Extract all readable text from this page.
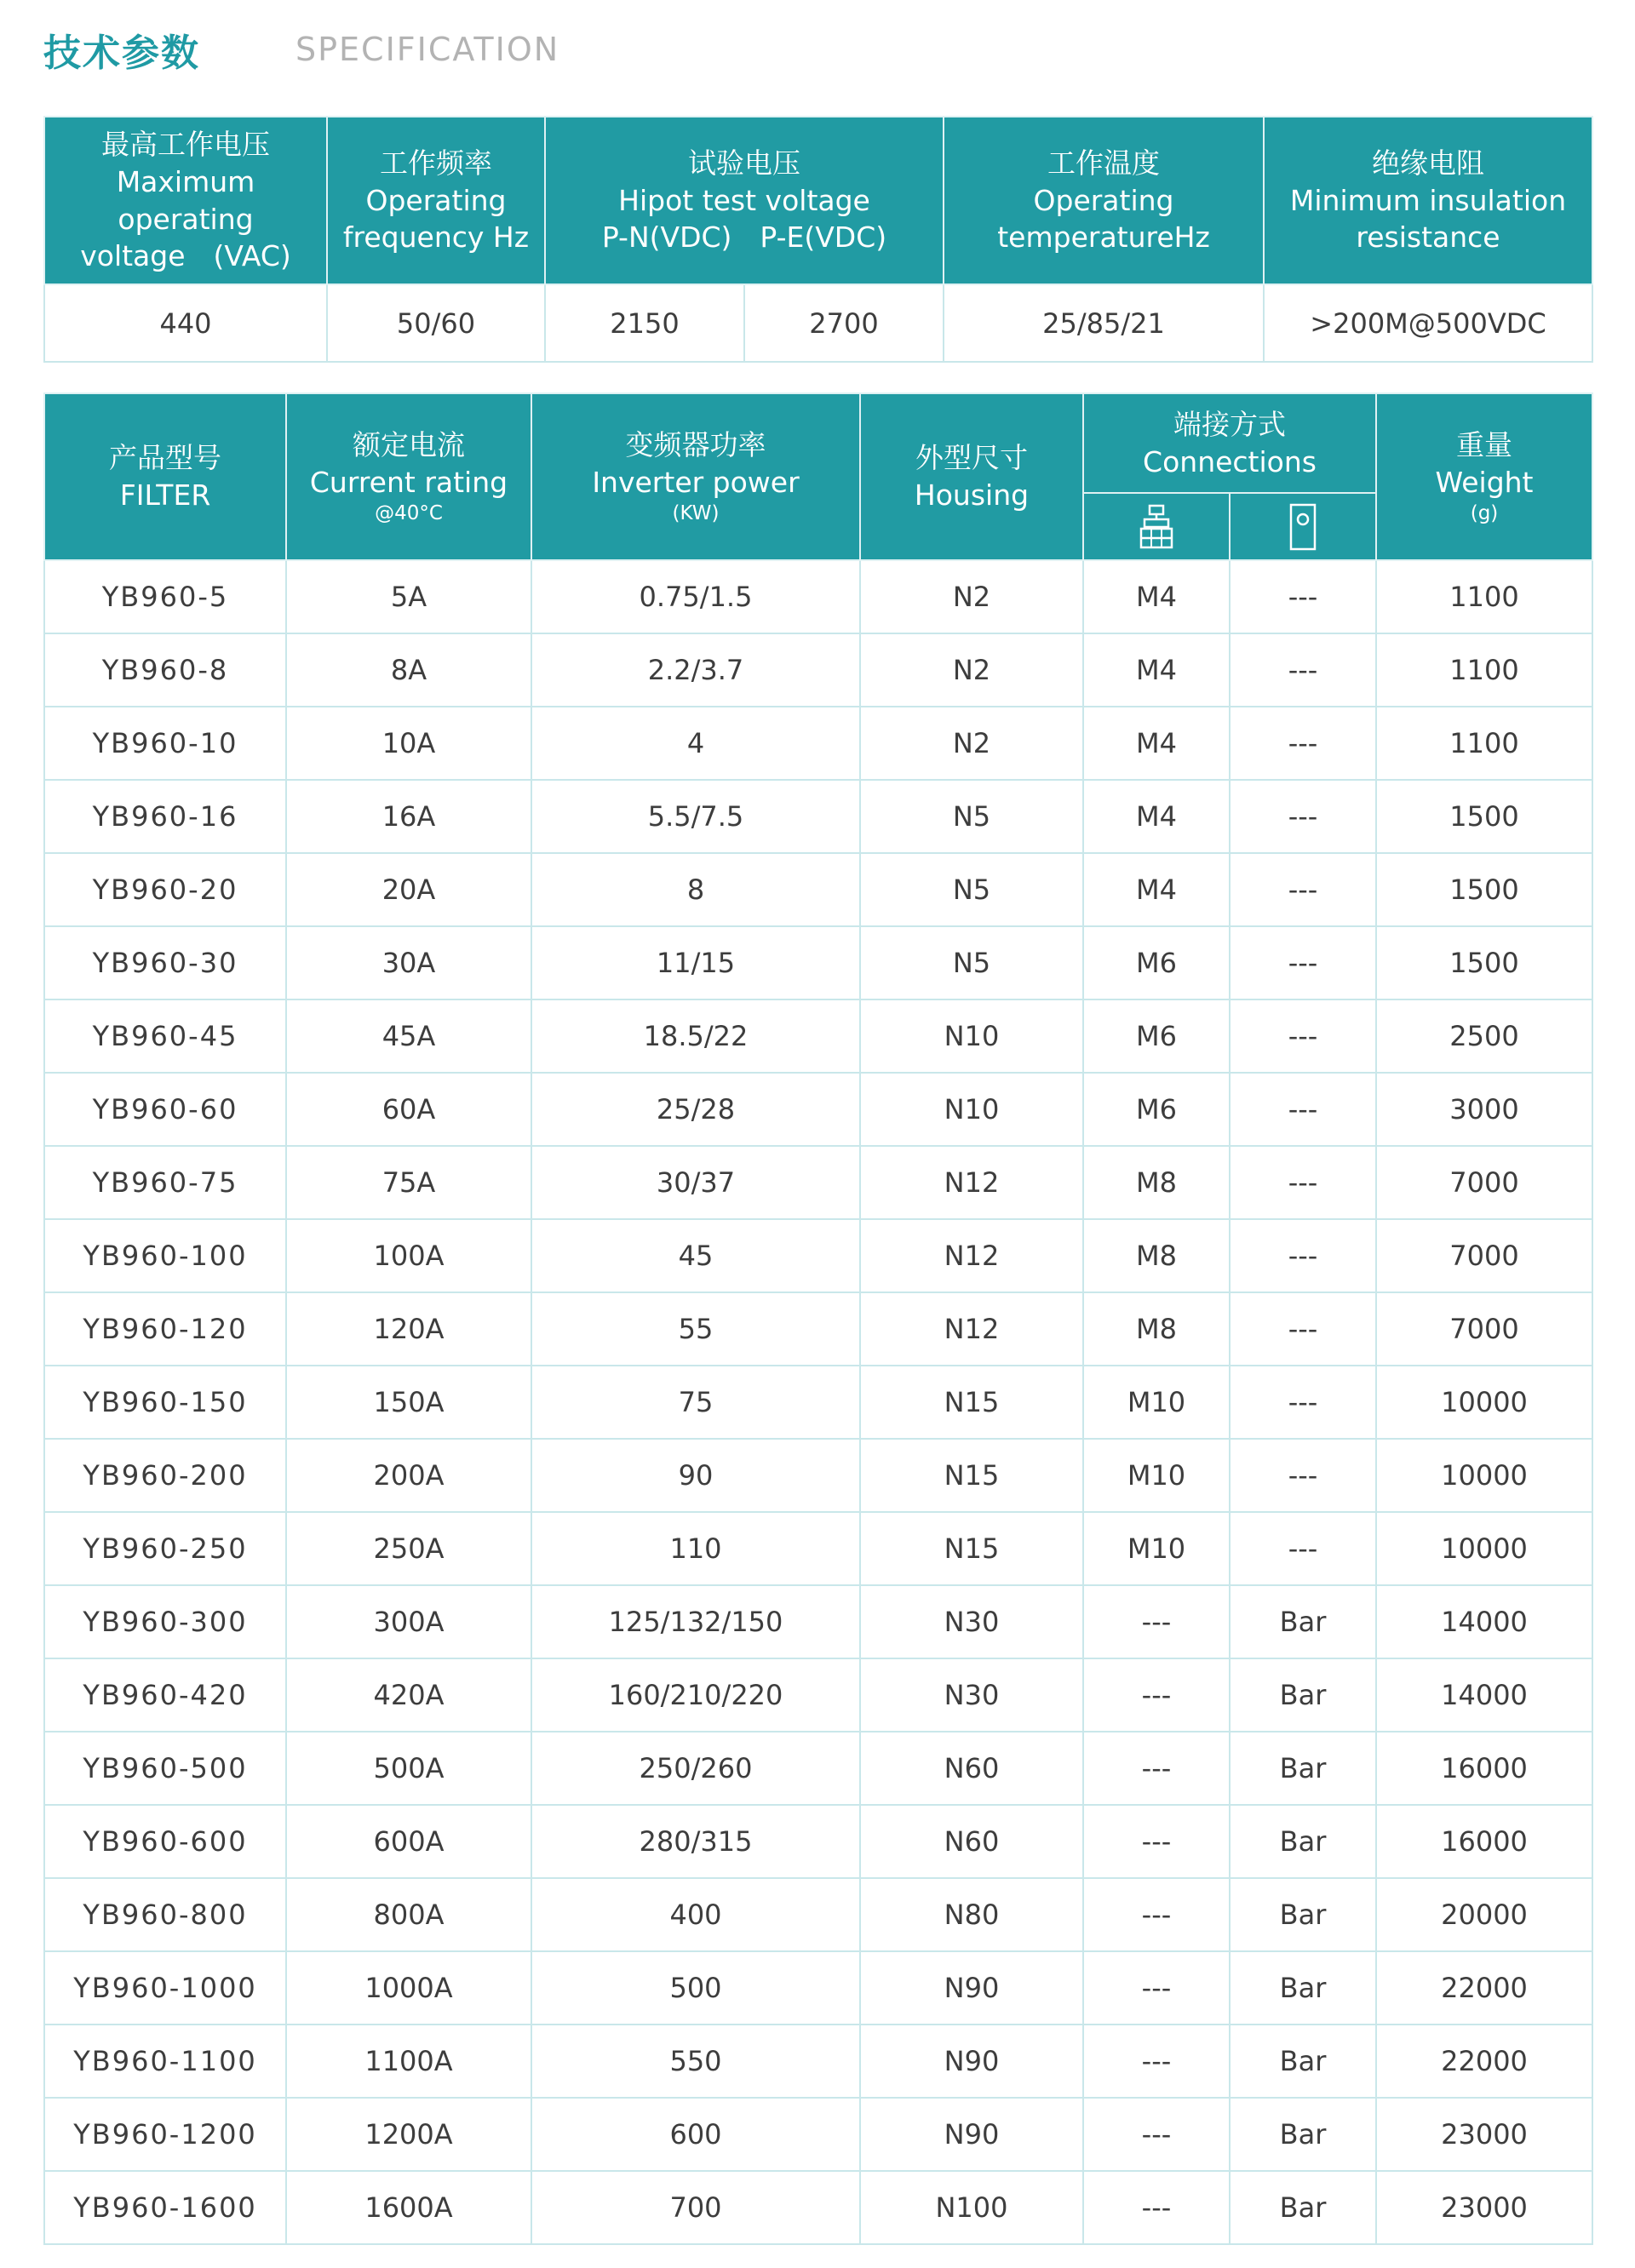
技术参数	SPECIFICATION
最高工作电压
Maximum operating
voltage　(VAC)	工作频率
Operating
frequency Hz	试验电压
Hipot test voltage
P-N(VDC)　P-E(VDC)		工作温度
Operating
temperatureHz	绝缘电阻
Minimum insulation
resistance

440	50/60	2150	2700	25/85/21	>200M@500VDC
产品型号
FILTER	额定电流
Current rating
@40°C	变频器功率
Inverter power
(KW)	外型尺寸
Housing	端接方式
Connections		重量
Weight
(g)

YB960-5	5A	0.75/1.5	N2	M4	---	1100
YB960-8	8A	2.2/3.7	N2	M4	---	1100
YB960-10	10A	4	N2	M4	---	1100
YB960-16	16A	5.5/7.5	N5	M4	---	1500
YB960-20	20A	8	N5	M4	---	1500
YB960-30	30A	11/15	N5	M6	---	1500
YB960-45	45A	18.5/22	N10	M6	---	2500
YB960-60	60A	25/28	N10	M6	---	3000
YB960-75	75A	30/37	N12	M8	---	7000
YB960-100	100A	45	N12	M8	---	7000
YB960-120	120A	55	N12	M8	---	7000
YB960-150	150A	75	N15	M10	---	10000
YB960-200	200A	90	N15	M10	---	10000
YB960-250	250A	110	N15	M10	---	10000
YB960-300	300A	125/132/150	N30	---	Bar	14000
YB960-420	420A	160/210/220	N30	---	Bar	14000
YB960-500	500A	250/260	N60	---	Bar	16000
YB960-600	600A	280/315	N60	---	Bar	16000
YB960-800	800A	400	N80	---	Bar	20000
YB960-1000	1000A	500	N90	---	Bar	22000
YB960-1100	1100A	550	N90	---	Bar	22000
YB960-1200	1200A	600	N90	---	Bar	23000
YB960-1600	1600A	700	N100	---	Bar	23000
